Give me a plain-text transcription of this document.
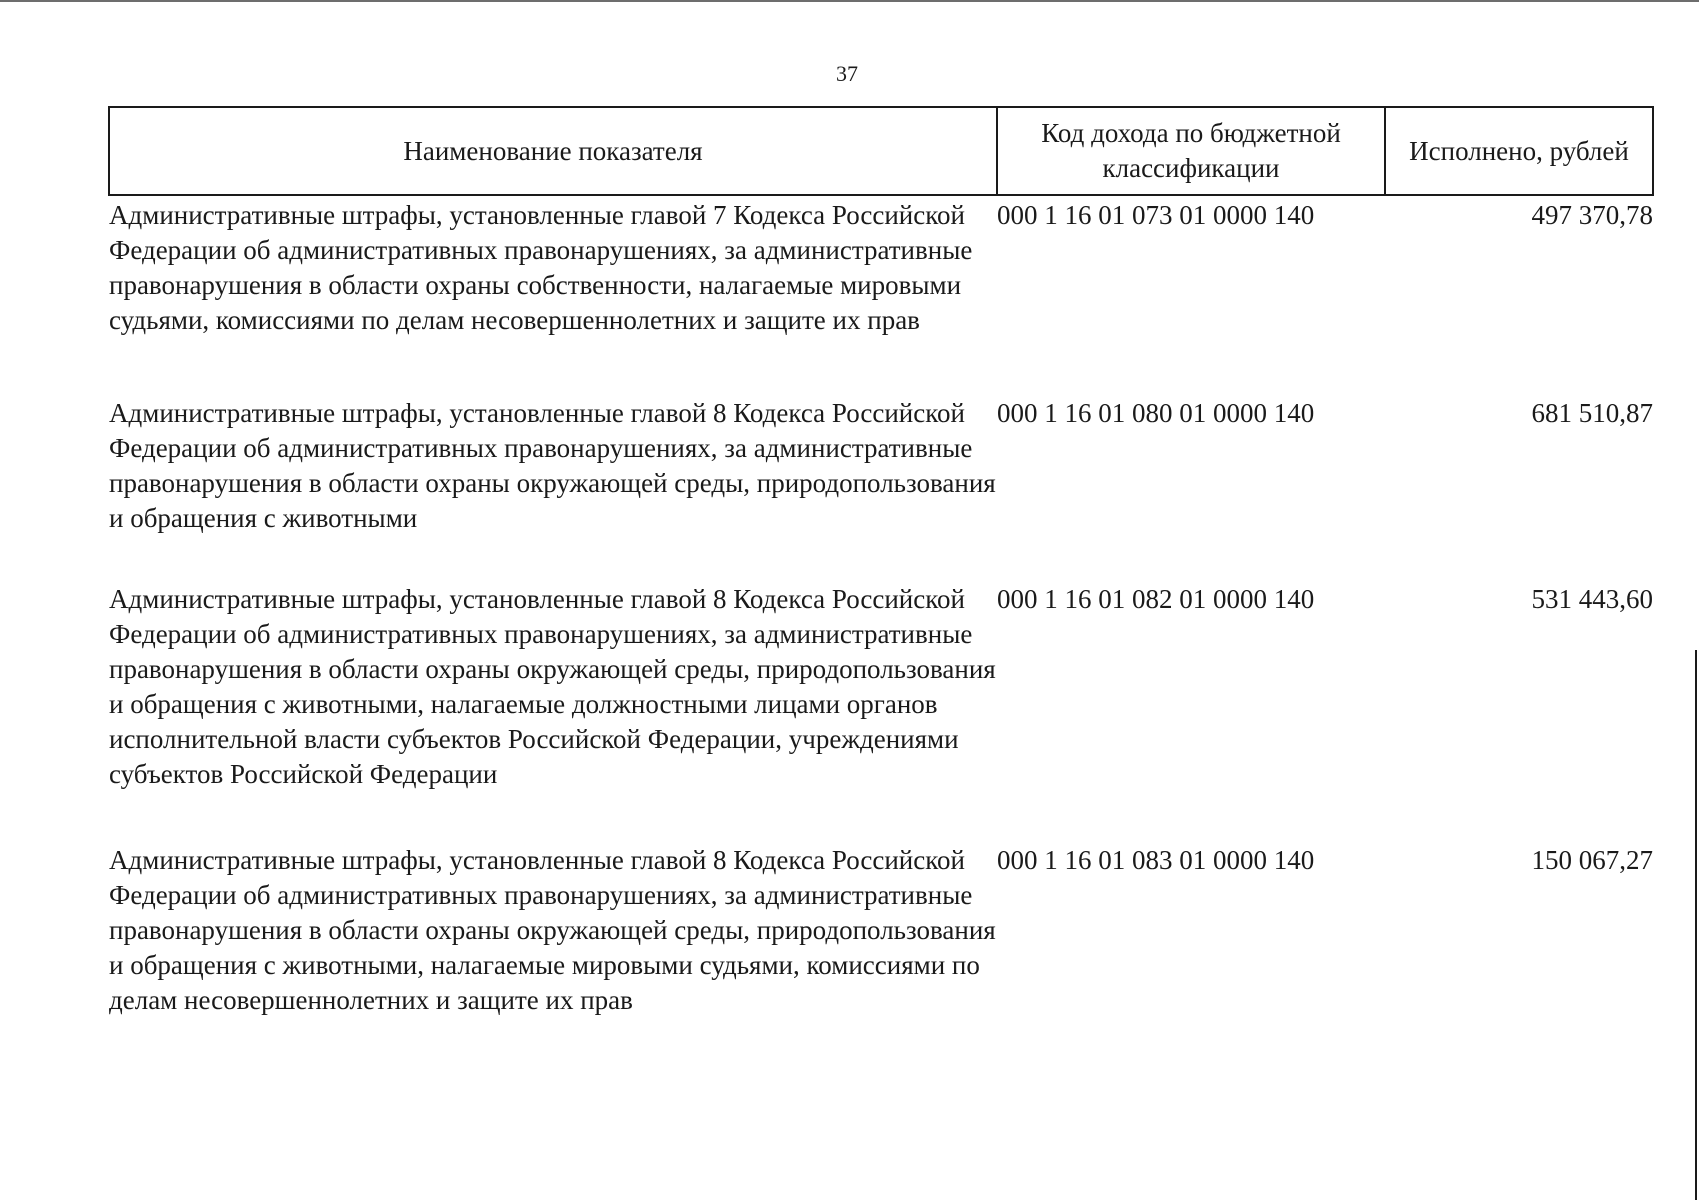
37
Наименование показателя	Код дохода по бюджетной классификации	Исполнено, рублей

Административные штрафы, установленные главой 7 Кодекса Российской Федерации об административных правонарушениях, за административные правонарушения в области охраны собственности, налагаемые мировыми судьями, комиссиями по делам несовершеннолетних и защите их прав	000 1 16 01 073 01 0000 140	497 370,78

Административные штрафы, установленные главой 8 Кодекса Российской Федерации об административных правонарушениях, за административные правонарушения в области охраны окружающей среды, природопользования и обращения с животными	000 1 16 01 080 01 0000 140	681 510,87

Административные штрафы, установленные главой 8 Кодекса Российской Федерации об административных правонарушениях, за административные правонарушения в области охраны окружающей среды, природопользования и обращения с животными, налагаемые должностными лицами органов исполнительной власти субъектов Российской Федерации, учреждениями субъектов Российской Федерации	000 1 16 01 082 01 0000 140	531 443,60

Административные штрафы, установленные главой 8 Кодекса Российской Федерации об административных правонарушениях, за административные правонарушения в области охраны окружающей среды, природопользования и обращения с животными, налагаемые мировыми судьями, комиссиями по делам несовершеннолетних и защите их прав	000 1 16 01 083 01 0000 140	150 067,27
